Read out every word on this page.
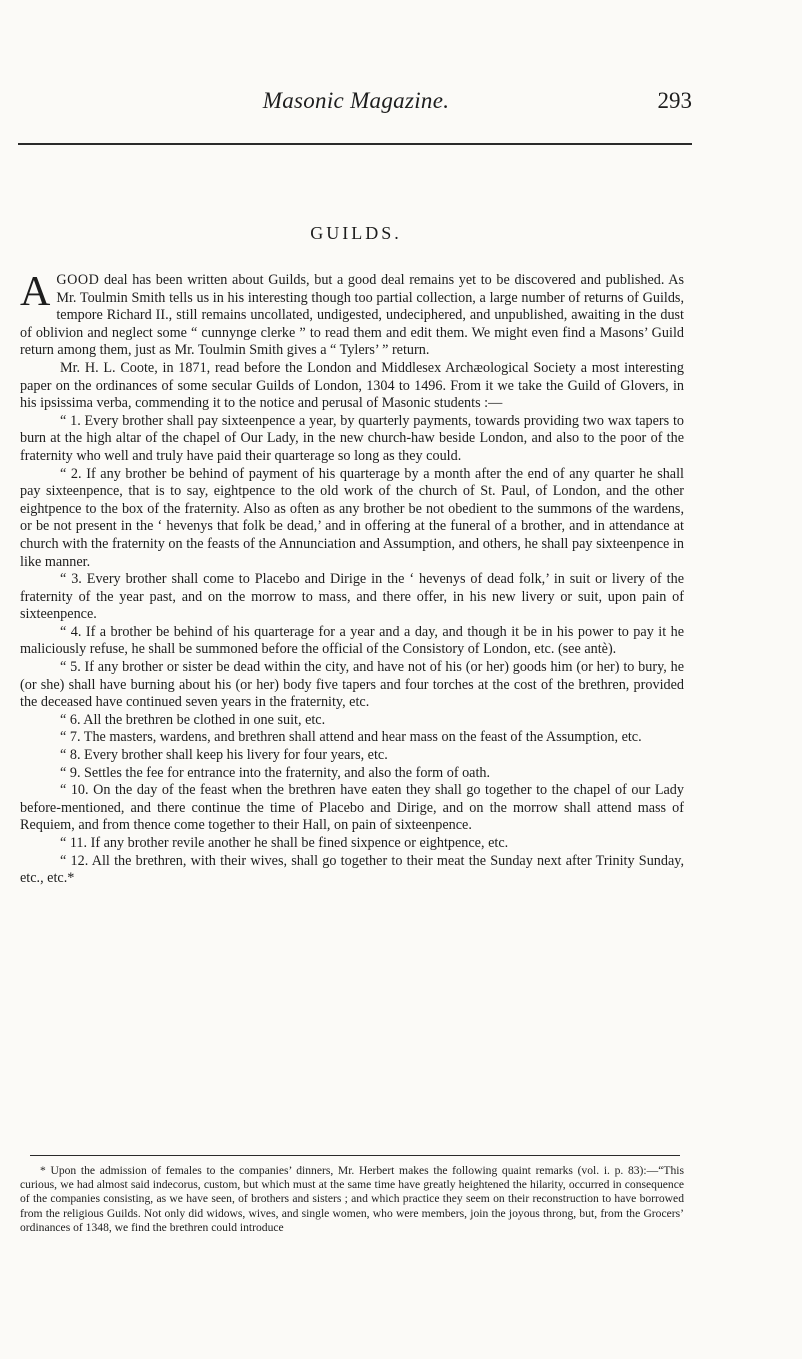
Masonic Magazine.	293
GUILDS.

A GOOD deal has been written about Guilds, but a good deal remains yet to be discovered and published. As Mr. Toulmin Smith tells us in his interesting though too partial collection, a large number of returns of Guilds, tempore Richard II., still remains uncollated, undigested, undeciphered, and unpublished, awaiting in the dust of oblivion and neglect some “ cunnynge clerke ” to read them and edit them. We might even find a Masons’ Guild return among them, just as Mr. Toulmin Smith gives a “ Tylers’ ” return.

Mr. H. L. Coote, in 1871, read before the London and Middlesex Archæological Society a most interesting paper on the ordinances of some secular Guilds of London, 1304 to 1496. From it we take the Guild of Glovers, in his ipsissima verba, commending it to the notice and perusal of Masonic students :—

“ 1. Every brother shall pay sixteenpence a year, by quarterly payments, towards providing two wax tapers to burn at the high altar of the chapel of Our Lady, in the new church-haw beside London, and also to the poor of the fraternity who well and truly have paid their quarterage so long as they could.

“ 2. If any brother be behind of payment of his quarterage by a month after the end of any quarter he shall pay sixteenpence, that is to say, eightpence to the old work of the church of St. Paul, of London, and the other eightpence to the box of the fraternity. Also as often as any brother be not obedient to the summons of the wardens, or be not present in the ‘ hevenys that folk be dead,’ and in offering at the funeral of a brother, and in attendance at church with the fraternity on the feasts of the Annunciation and Assumption, and others, he shall pay sixteenpence in like manner.

“ 3. Every brother shall come to Placebo and Dirige in the ‘ hevenys of dead folk,’ in suit or livery of the fraternity of the year past, and on the morrow to mass, and there offer, in his new livery or suit, upon pain of sixteenpence.

“ 4. If a brother be behind of his quarterage for a year and a day, and though it be in his power to pay it he maliciously refuse, he shall be summoned before the official of the Consistory of London, etc. (see antè).

“ 5. If any brother or sister be dead within the city, and have not of his (or her) goods him (or her) to bury, he (or she) shall have burning about his (or her) body five tapers and four torches at the cost of the brethren, provided the deceased have continued seven years in the fraternity, etc.

“ 6. All the brethren be clothed in one suit, etc.

“ 7. The masters, wardens, and brethren shall attend and hear mass on the feast of the Assumption, etc.

“ 8. Every brother shall keep his livery for four years, etc.

“ 9. Settles the fee for entrance into the fraternity, and also the form of oath.

“ 10. On the day of the feast when the brethren have eaten they shall go together to the chapel of our Lady before-mentioned, and there continue the time of Placebo and Dirige, and on the morrow shall attend mass of Requiem, and from thence come together to their Hall, on pain of sixteenpence.

“ 11. If any brother revile another he shall be fined sixpence or eightpence, etc.

“ 12. All the brethren, with their wives, shall go together to their meat the Sunday next after Trinity Sunday, etc., etc.*

* Upon the admission of females to the companies’ dinners, Mr. Herbert makes the following quaint remarks (vol. i. p. 83):—“This curious, we had almost said indecorus, custom, but which must at the same time have greatly heightened the hilarity, occurred in consequence of the companies consisting, as we have seen, of brothers and sisters ; and which practice they seem on their reconstruction to have borrowed from the religious Guilds. Not only did widows, wives, and single women, who were members, join the joyous throng, but, from the Grocers’ ordinances of 1348, we find the brethren could introduce
